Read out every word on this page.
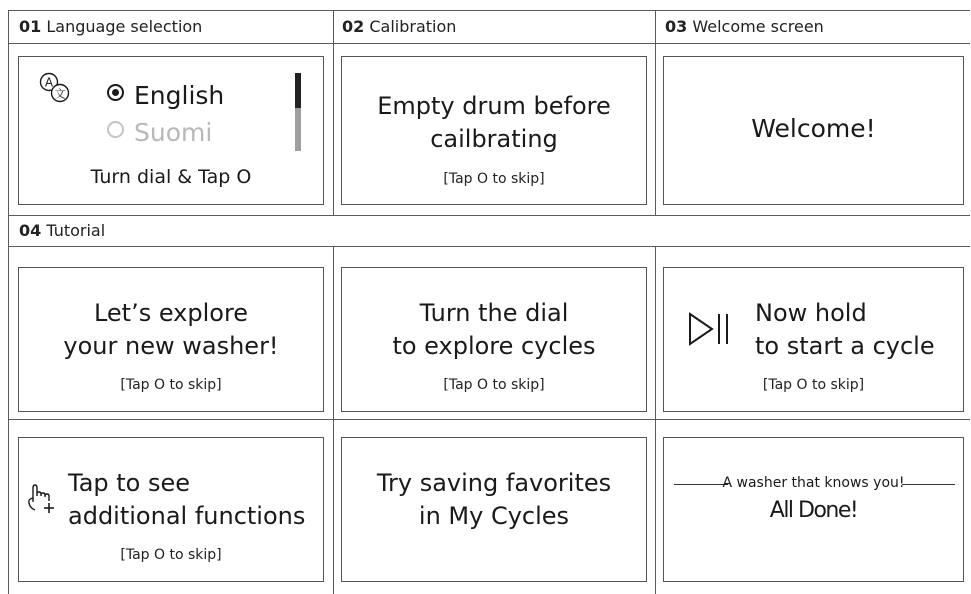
01 Language selection	02 Calibration	03 Welcome screen
04 Tutorial
A
文	English
Suomi
Turn dial & Tap O
Empty drum before
cailbrating
[Tap O to skip]
Welcome!
Let’s explore
your new washer!
[Tap O to skip]
Turn the dial
to explore cycles
[Tap O to skip]
Now hold
to start a cycle
[Tap O to skip]
Tap to see
additional functions
[Tap O to skip]
Try saving favorites
in My Cycles
A washer that knows you!
All Done!
